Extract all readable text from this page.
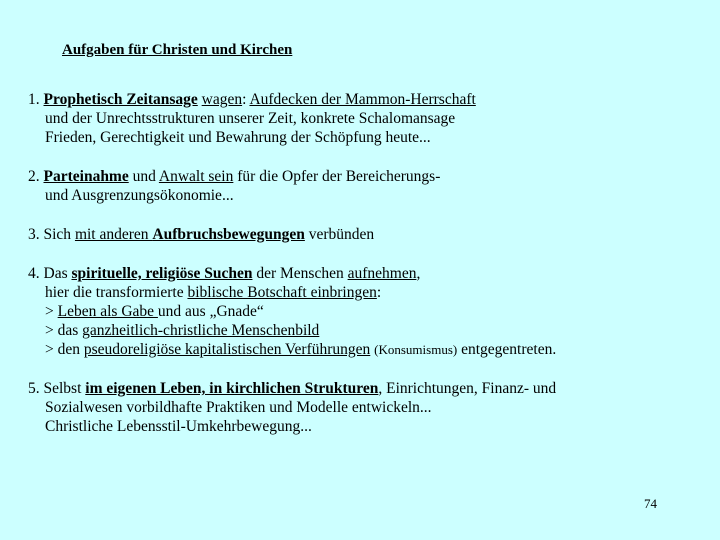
Aufgaben für Christen und Kirchen
1. Prophetisch Zeitansage wagen: Aufdecken der Mammon-Herrschaft
und der Unrechtsstrukturen unserer Zeit, konkrete Schalomansage
Frieden, Gerechtigkeit und Bewahrung der Schöpfung heute...
2. Parteinahme und Anwalt sein für die Opfer der Bereicherungs-
und Ausgrenzungsökonomie...
3. Sich mit anderen Aufbruchsbewegungen verbünden
4. Das spirituelle, religiöse Suchen der Menschen aufnehmen,
hier die transformierte biblische Botschaft einbringen:
> Leben als Gabe und aus „Gnade“
> das ganzheitlich-christliche Menschenbild
> den pseudoreligiöse kapitalistischen Verführungen (Konsumismus) entgegentreten.
5. Selbst im eigenen Leben, in kirchlichen Strukturen, Einrichtungen, Finanz- und
Sozialwesen vorbildhafte Praktiken und Modelle entwickeln...
Christliche Lebensstil-Umkehrbewegung...
74
